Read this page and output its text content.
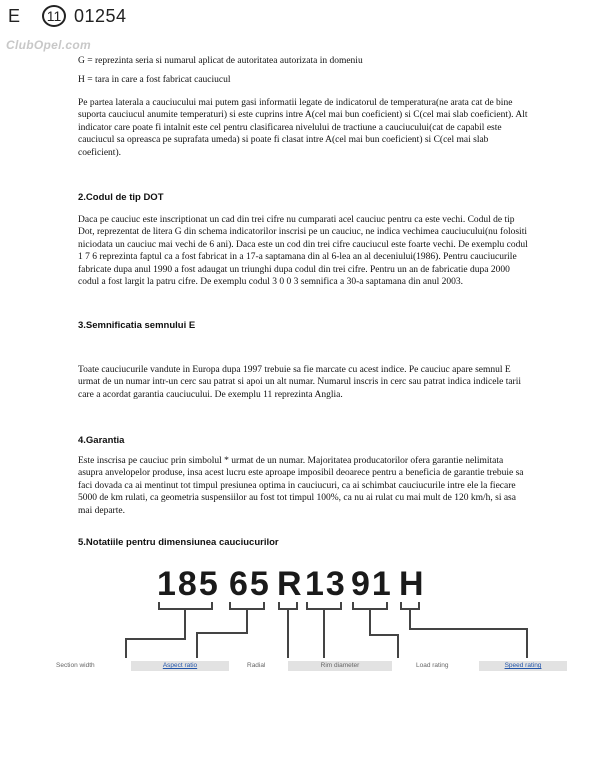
E	11 01254
ClubOpel.com
G = reprezinta seria si numarul aplicat de autoritatea autorizata in domeniu
H = tara in care a fost fabricat cauciucul
Pe partea laterala a cauciucului mai putem gasi informatii legate de indicatorul de temperatura(ne arata cat de bine suporta cauciucul anumite temperaturi) si este cuprins intre A(cel mai bun coeficient) si C(cel mai slab coeficient). Alt indicator care poate fi intalnit este cel pentru clasificarea nivelului de tractiune a cauciucului(cat de capabil este cauciucul sa opreasca pe suprafata umeda) si poate fi clasat intre A(cel mai bun coeficient) si C(cel mai slab coeficient).
2.Codul de tip DOT
Daca pe cauciuc este inscriptionat un cad din trei cifre nu cumparati acel cauciuc pentru ca este vechi. Codul de tip Dot, reprezentat de litera G din schema indicatorilor inscrisi pe un cauciuc, ne indica vechimea cauciucului(nu folositi niciodata un cauciuc mai vechi de 6 ani). Daca este un cod din trei cifre cauciucul este foarte vechi. De exemplu codul 1 7 6 reprezinta faptul ca a fost fabricat in a 17-a saptamana din al 6-lea an al deceniului(1986). Pentru cauciucurile fabricate dupa anul 1990 a fost adaugat un triunghi dupa codul din trei cifre. Pentru un an de fabricatie dupa 2000 codul a fost largit la patru cifre. De exemplu codul 3 0 0 3 semnifica a 30-a saptamana din anul 2003.
3.Semnificatia semnului E
Toate cauciucurile vandute in Europa dupa 1997 trebuie sa fie marcate cu acest indice. Pe cauciuc apare semnul E urmat de un numar intr-un cerc sau patrat si apoi un alt numar. Numarul inscris in cerc sau patrat indica indicele tarii care a acordat garantia cauciucului. De exemplu 11 reprezinta Anglia.
4.Garantia
Este inscrisa pe cauciuc prin simbolul * urmat de un numar. Majoritatea producatorilor ofera garantie nelimitata asupra anvelopelor produse, insa acest lucru este aproape imposibil deoarece pentru a beneficia de garantie trebuie sa faci dovada ca ai mentinut tot timpul presiunea optima in cauciucuri, ca ai schimbat cauciucurile intre ele la fiecare 5000 de km rulati, ca geometria suspensiilor au fost tot timpul 100%, ca nu ai rulat cu mai mult de 120 km/h, si asa mai departe.
5.Notatiile pentru dimensiunea cauciucurilor
185 65 R 13 91 H
Section width	Aspect ratio	Radial	Rim diameter	Load rating	Speed rating
